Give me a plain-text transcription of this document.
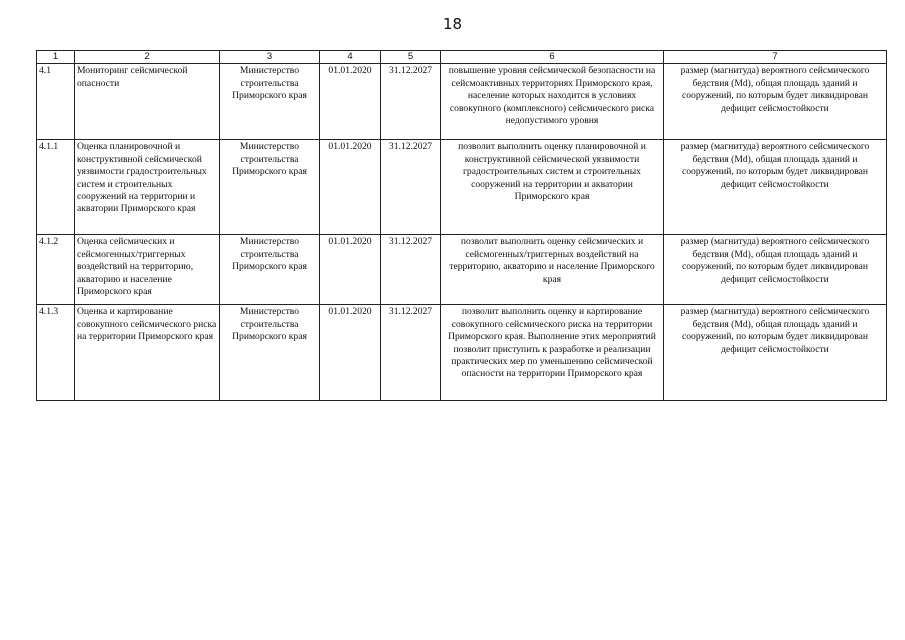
18
1	2	3	4	5	6	7
4.1	Мониторинг сейсмической опасности	Министерство строительства Приморского края	01.01.2020	31.12.2027	повышение уровня сейсмической безопасности на сейсмоактивных территориях Приморского края, население которых находится в условиях совокупного (комплексного) сейсмического риска недопустимого уровня	размер (магнитуда) вероятного сейсмического бедствия (Md), общая площадь зданий и сооружений, по которым будет ликвидирован дефицит сейсмостойкости
4.1.1	Оценка планировочной и конструктивной сейсмической уязвимости градостроительных систем и строительных сооружений на территории и акватории Приморского края	Министерство строительства Приморского края	01.01.2020	31.12.2027	позволит выполнить оценку планировочной и конструктивной сейсмической уязвимости градостроительных систем и строительных сооружений на территории и акватории Приморского края	размер (магнитуда) вероятного сейсмического бедствия (Md), общая площадь зданий и сооружений, по которым будет ликвидирован дефицит сейсмостойкости
4.1.2	Оценка сейсмических и сейсмогенных/триггерных воздействий на территорию, акваторию и население Приморского края	Министерство строительства Приморского края	01.01.2020	31.12.2027	позволит выполнить оценку сейсмических и сейсмогенных/триггерных воздействий на территорию, акваторию и население Приморского края	размер (магнитуда) вероятного сейсмического бедствия (Md), общая площадь зданий и сооружений, по которым будет ликвидирован дефицит сейсмостойкости
4.1.3	Оценка и картирование совокупного сейсмического риска на территории Приморского края	Министерство строительства Приморского края	01.01.2020	31.12.2027	позволит выполнить оценку и картирование совокупного сейсмического риска на территории Приморского края. Выполнение этих мероприятий позволит приступить к разработке и реализации практических мер по уменьшению сейсмической опасности на территории Приморского края	размер (магнитуда) вероятного сейсмического бедствия (Md), общая площадь зданий и сооружений, по которым будет ликвидирован дефицит сейсмостойкости
